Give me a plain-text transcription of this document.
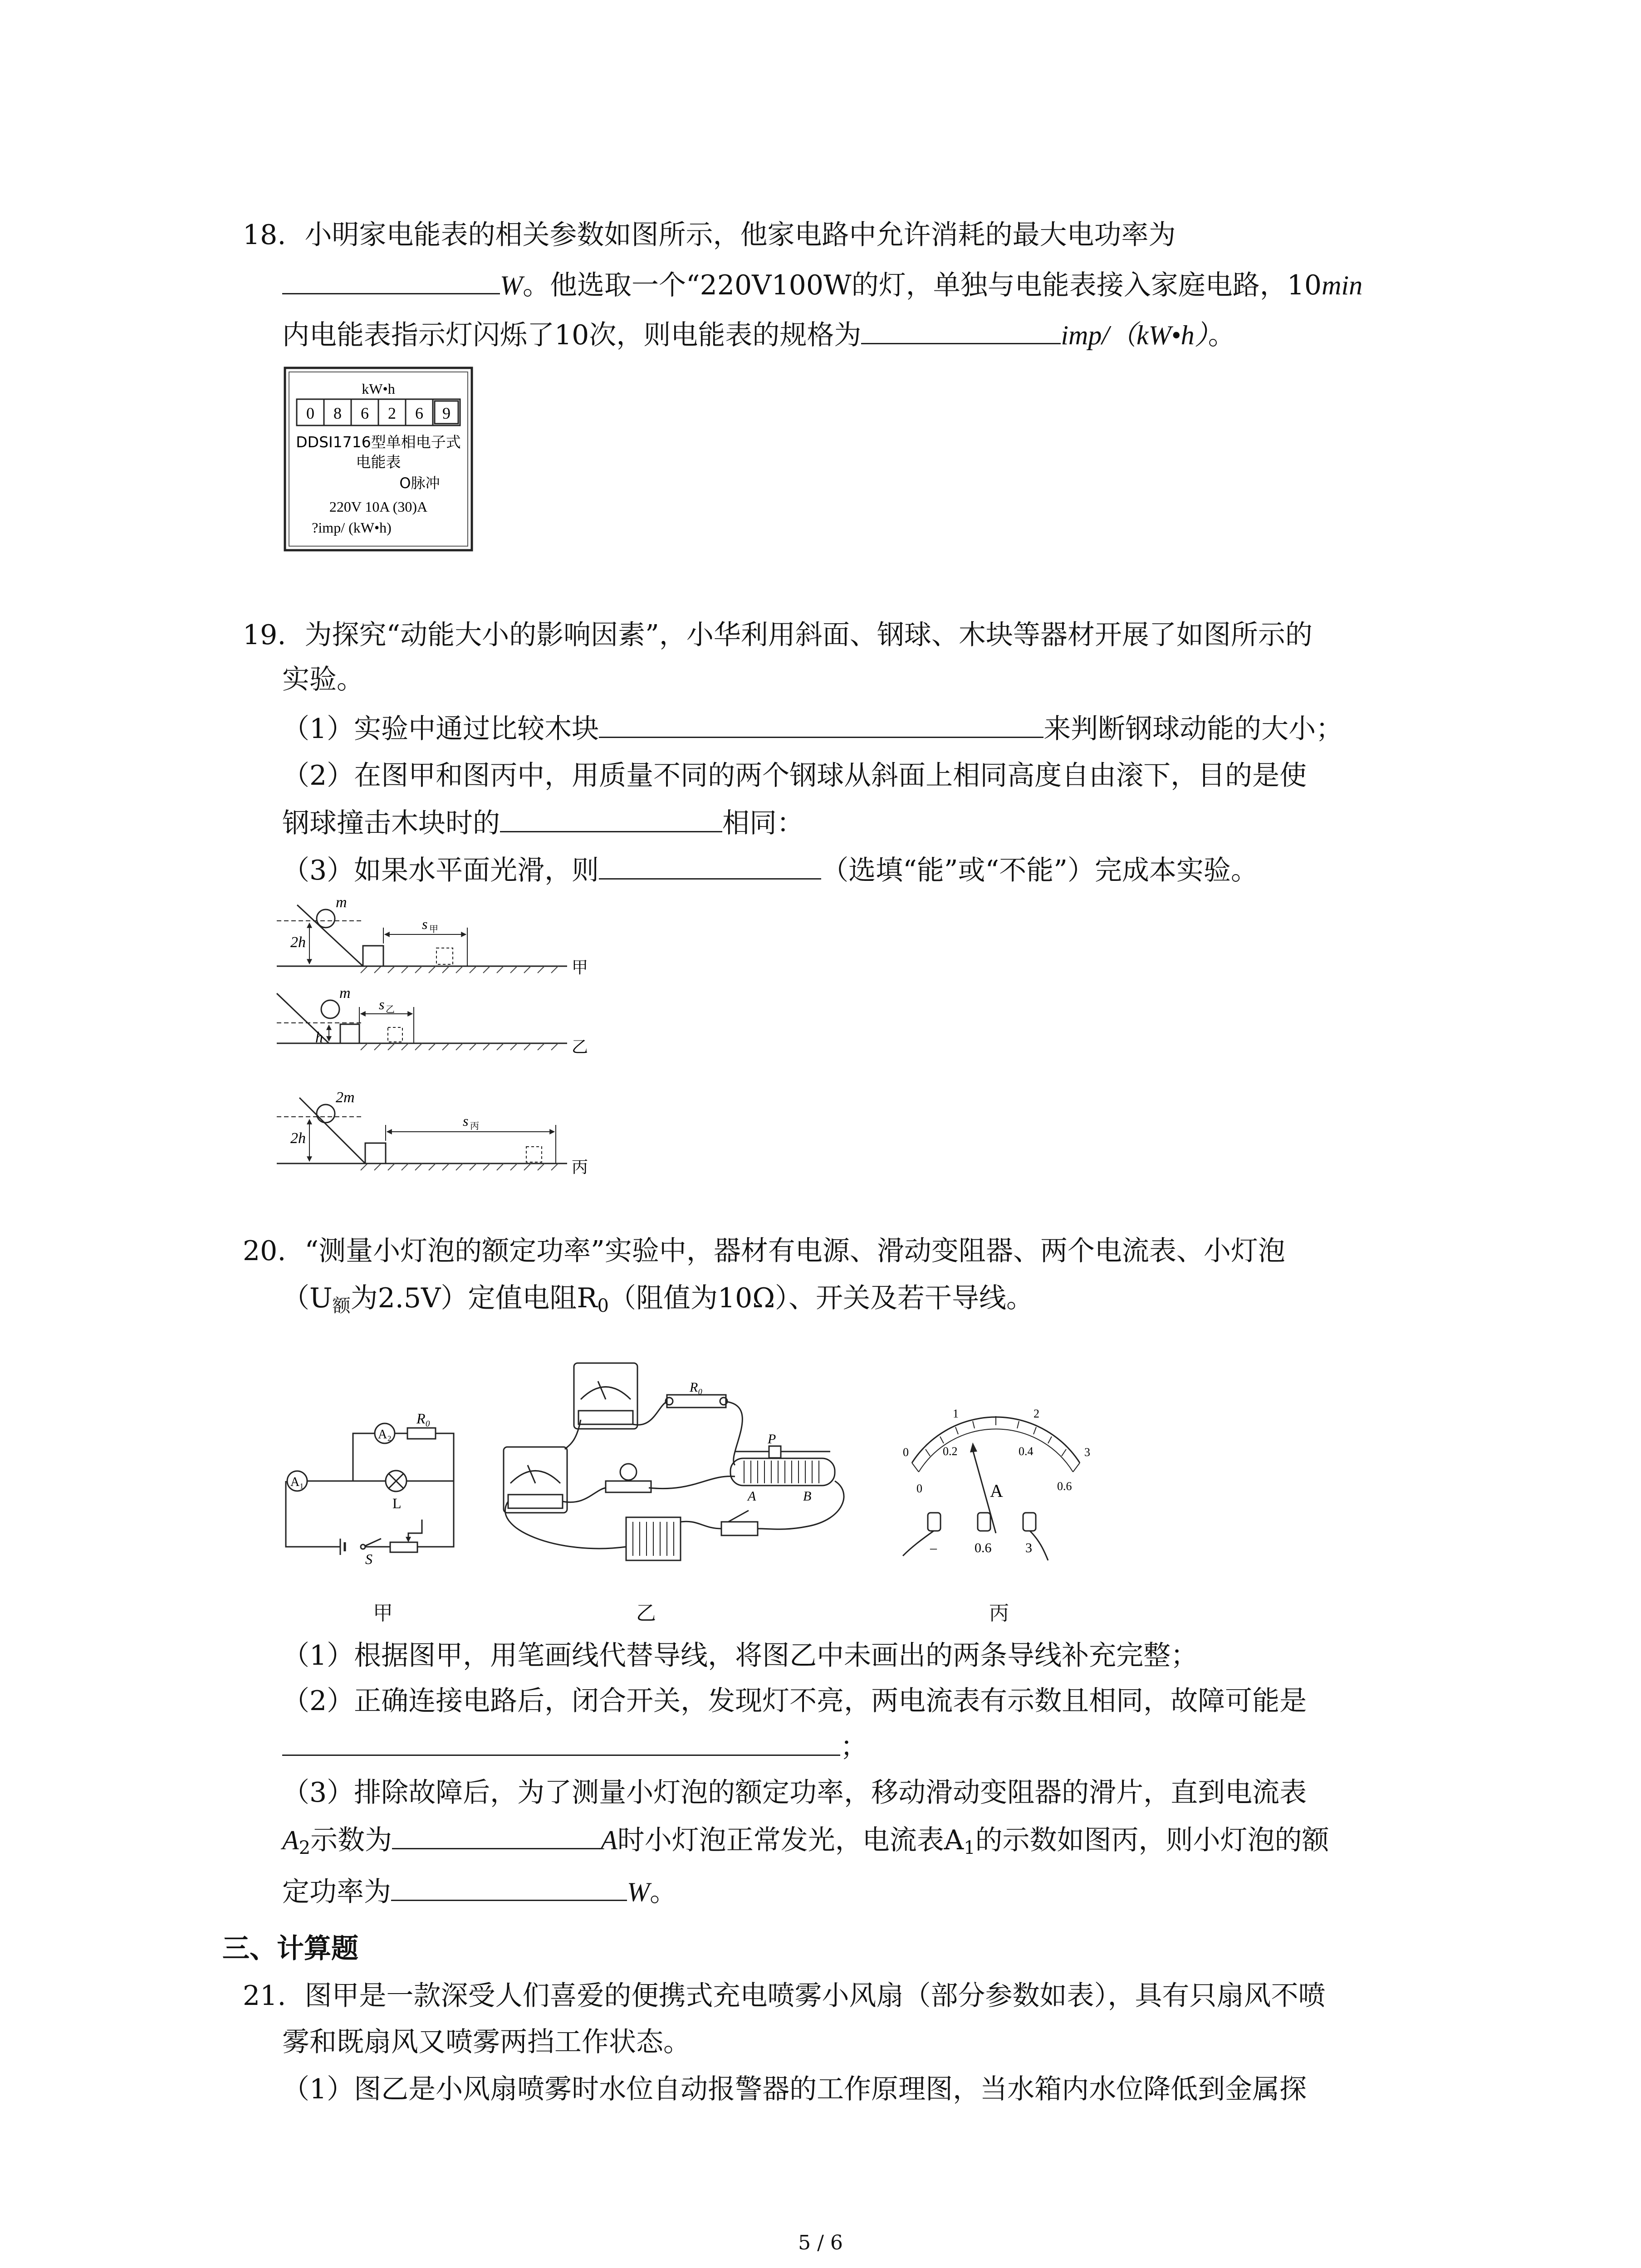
18. 小明家电能表的相关参数如图所示，他家电路中允许消耗的最大电功率为
W。他选取一个“220V100W的灯，单独与电能表接入家庭电路，10min
内电能表指示灯闪烁了10次，则电能表的规格为	imp/（kW•h）。
kW•h
0 8 6 2 6 9
DDSI1716型单相电子式
电能表
O脉冲
220V 10A (30)A
?imp/ (kW•h)
19. 为探究“动能大小的影响因素”，小华利用斜面、钢球、木块等器材开展了如图所示的
实验。
（1）实验中通过比较木块	来判断钢球动能的大小；
（2）在图甲和图丙中，用质量不同的两个钢球从斜面上相同高度自由滚下，目的是使
钢球撞击木块时的	相同：
（3）如果水平面光滑，则	（选填“能”或“不能”）完成本实验。
m
2h
s 甲
甲
m
h
s 乙
乙
2m
2h
s 丙
丙
20. “测量小灯泡的额定功率”实验中，器材有电源、滑动变阻器、两个电流表、小灯泡
（$U_额$为2.5V）定值电阻$R_0$（阻值为10Ω）、开关及若干导线。
A₁
A₂
R₀
L
S
R₀
P
A	B
0
1	2
3
0
0.2	0.4
0.6
A
–	0.6 3
甲	乙	丙
（1）根据图甲，用笔画线代替导线，将图乙中未画出的两条导线补充完整；
（2）正确连接电路后，闭合开关，发现灯不亮，两电流表有示数且相同，故障可能是
；
（3）排除故障后，为了测量小灯泡的额定功率，移动滑动变阻器的滑片，直到电流表
$A_2$示数为	A时小灯泡正常发光，电流表$A_1$的示数如图丙，则小灯泡的额
定功率为	W。
三、计算题
21. 图甲是一款深受人们喜爱的便携式充电喷雾小风扇（部分参数如表），具有只扇风不喷
雾和既扇风又喷雾两挡工作状态。
（1）图乙是小风扇喷雾时水位自动报警器的工作原理图，当水箱内水位降低到金属探
5 / 6
